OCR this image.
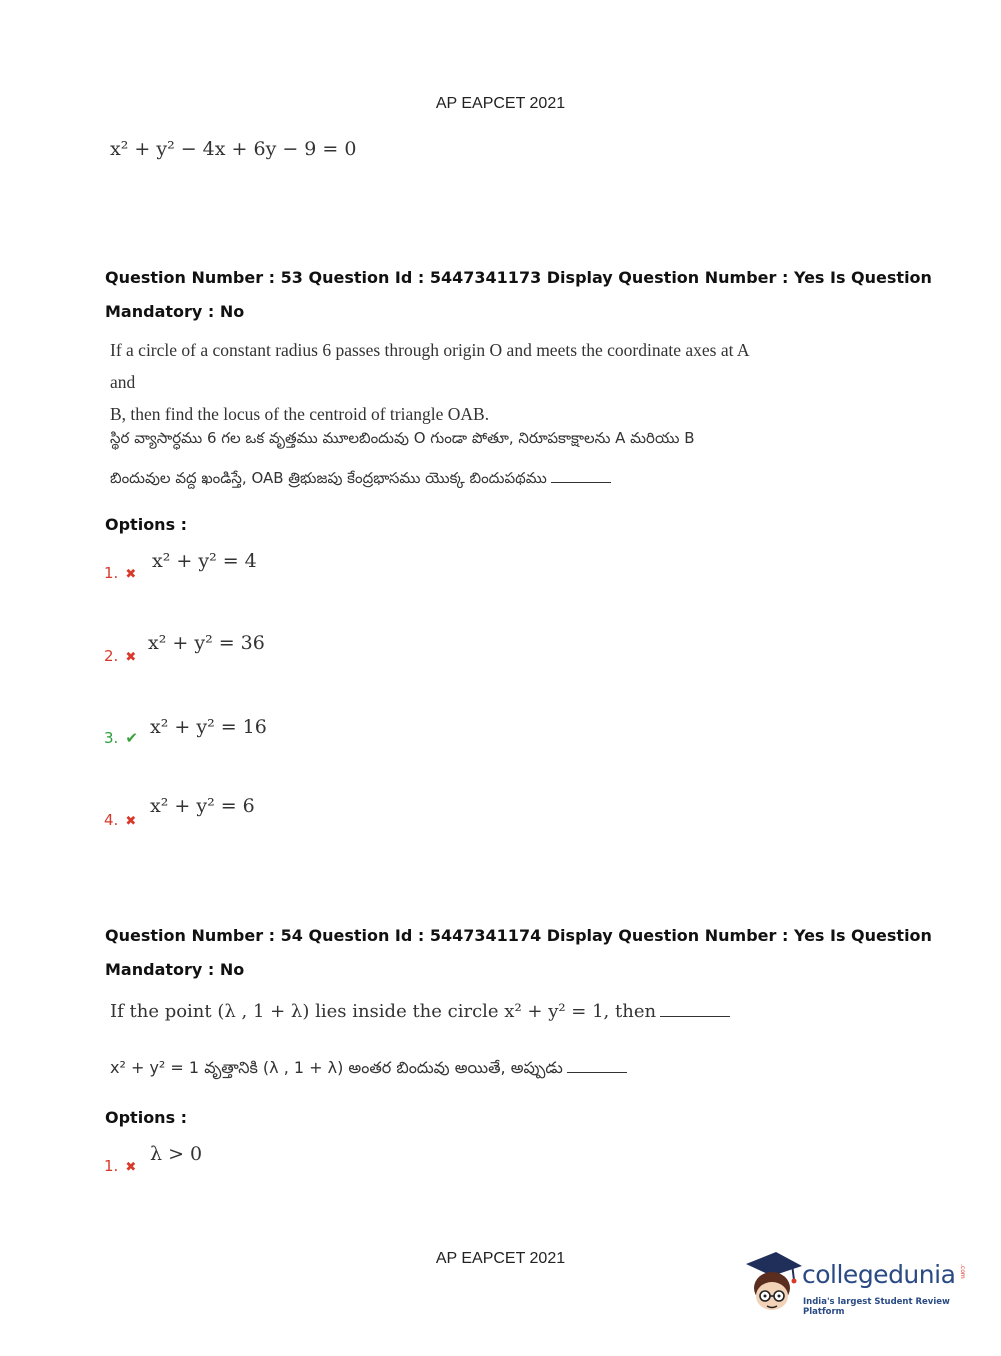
AP EAPCET 2021
x² + y² − 4x + 6y − 9 = 0
Question Number : 53 Question Id : 5447341173 Display Question Number : Yes Is Question
Mandatory : No
If a circle of a constant radius 6 passes through origin O and meets the coordinate axes at A and
B, then find the locus of the centroid of triangle OAB.
స్థిర వ్యాసార్ధము 6 గల ఒక వృత్తము మూలబిందువు O గుండా పోతూ, నిరూపకాక్షాలను A మరియు B
బిందువుల వద్ద ఖండిస్తే, OAB త్రిభుజపు కేంద్రభాసము యొక్క బిందుపథము
Options :
1. ✖
x² + y² = 4
2. ✖
x² + y² = 36
3. ✔ x² + y² = 16
4. ✖
x² + y² = 6
Question Number : 54 Question Id : 5447341174 Display Question Number : Yes Is Question
Mandatory : No
If the point (λ , 1 + λ) lies inside the circle x² + y² = 1, then
x² + y² = 1 వృత్తానికి (λ , 1 + λ) అంతర బిందువు అయితే, అప్పుడు
Options :
1. ✖
λ > 0
AP EAPCET 2021
collegedunia .com
India's largest Student Review Platform
